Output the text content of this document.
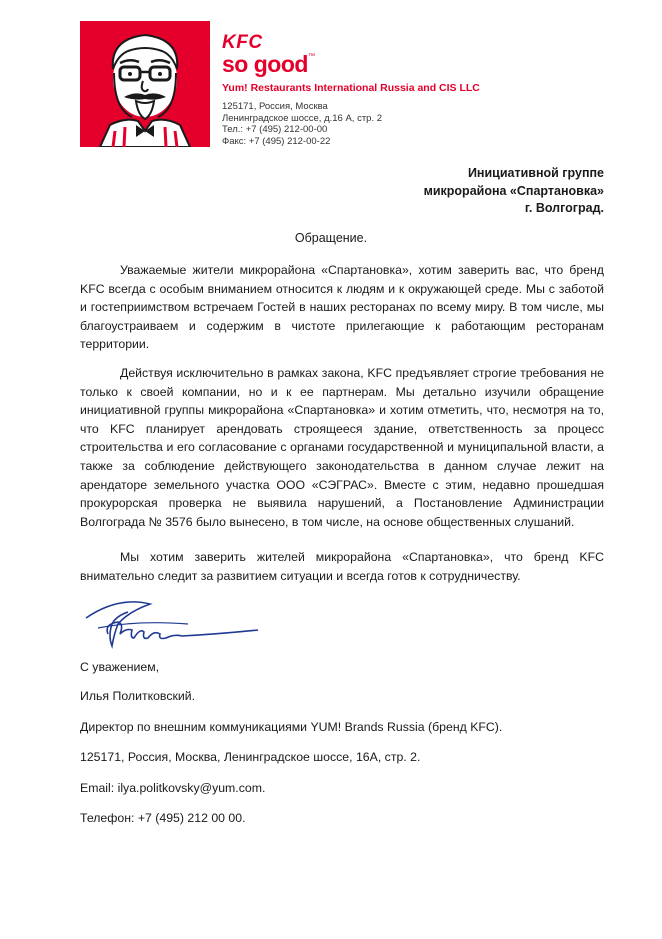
KFC
so good™
Yum! Restaurants International Russia and CIS LLC
125171, Россия, Москва
Ленинградское шоссе, д.16 А, стр. 2
Тел.: +7 (495) 212-00-00
Факс: +7 (495) 212-00-22
Инициативной группе
микрорайона «Спартановка»
г. Волгоград.
Обращение.

Уважаемые жители микрорайона «Спартановка», хотим заверить вас, что бренд KFC всегда с особым вниманием относится к людям и к окружающей среде. Мы с заботой и гостеприимством встречаем Гостей в наших ресторанах по всему миру. В том числе, мы благоустраиваем и содержим в чистоте прилегающие к работающим ресторанам территории.

Действуя исключительно в рамках закона, KFC предъявляет строгие требования не только к своей компании, но и к ее партнерам. Мы детально изучили обращение инициативной группы микрорайона «Спартановка» и хотим отметить, что, несмотря на то, что KFC планирует арендовать строящееся здание, ответственность за процесс строительства и его согласование с органами государственной и муниципальной власти, а также за соблюдение действующего законодательства в данном случае лежит на арендаторе земельного участка ООО «СЭГРАС». Вместе с этим, недавно прошедшая прокурорская проверка не выявила нарушений, а Постановление Администрации Волгограда № 3576 было вынесено, в том числе, на основе общественных слушаний.

Мы хотим заверить жителей микрорайона «Спартановка», что бренд KFC внимательно следит за развитием ситуации и всегда готов к сотрудничеству.

С уважением,
Илья Политковский.
Директор по внешним коммуникациями YUM! Brands Russia (бренд KFC).
125171, Россия, Москва, Ленинградское шоссе, 16А, стр. 2.
Email: ilya.politkovsky@yum.com.
Телефон: +7 (495) 212 00 00.
